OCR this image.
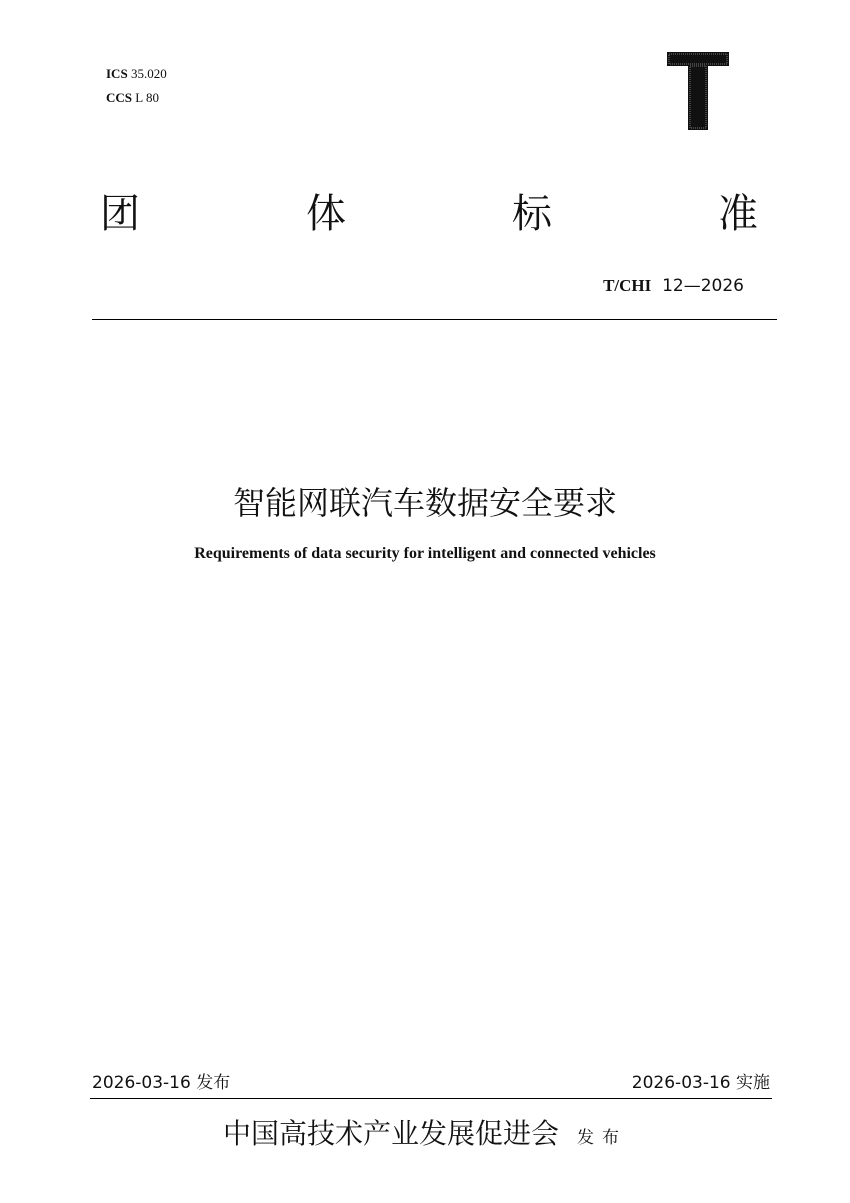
ICS 35.020
CCS L 80
团	体	标	准
T/CHI 12—2026
智能网联汽车数据安全要求
Requirements of data security for intelligent and connected vehicles
2026-03-16 发布	2026-03-16 实施
中国高技术产业发展促进会 发布
